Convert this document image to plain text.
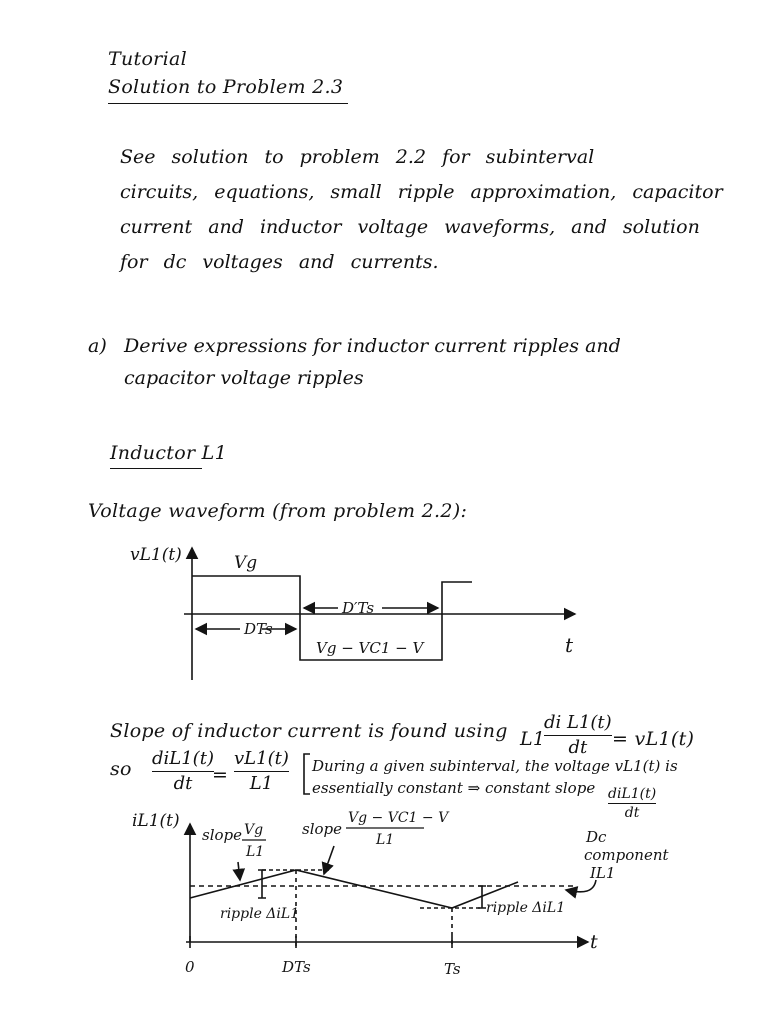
Tutorial
Solution to Problem 2.3
See solution to problem 2.2 for subinterval
circuits, equations, small ripple approximation, capacitor
current and inductor voltage waveforms, and solution
for dc voltages and currents.
a) Derive expressions for inductor current ripples and
capacitor voltage ripples
Inductor L1
Voltage waveform (from problem 2.2):
vL1(t)	Vg
DTs
D′Ts
Vg − VC1 − V	t
iL1(t)
slope Vg
L1
slope
Vg − VC1 − V
L1
ripple ΔiL1	ripple ΔiL1
Dc
component
IL1
0	DTs	Ts
t
Slope of inductor current is found using L1
di L1(t)
dt = vL1(t)
so diL1(t)
dt =
vL1(t)
L1
During a given subinterval, the voltage vL1(t) is
essentially constant ⇒ constant slope diL1(t)
dt
